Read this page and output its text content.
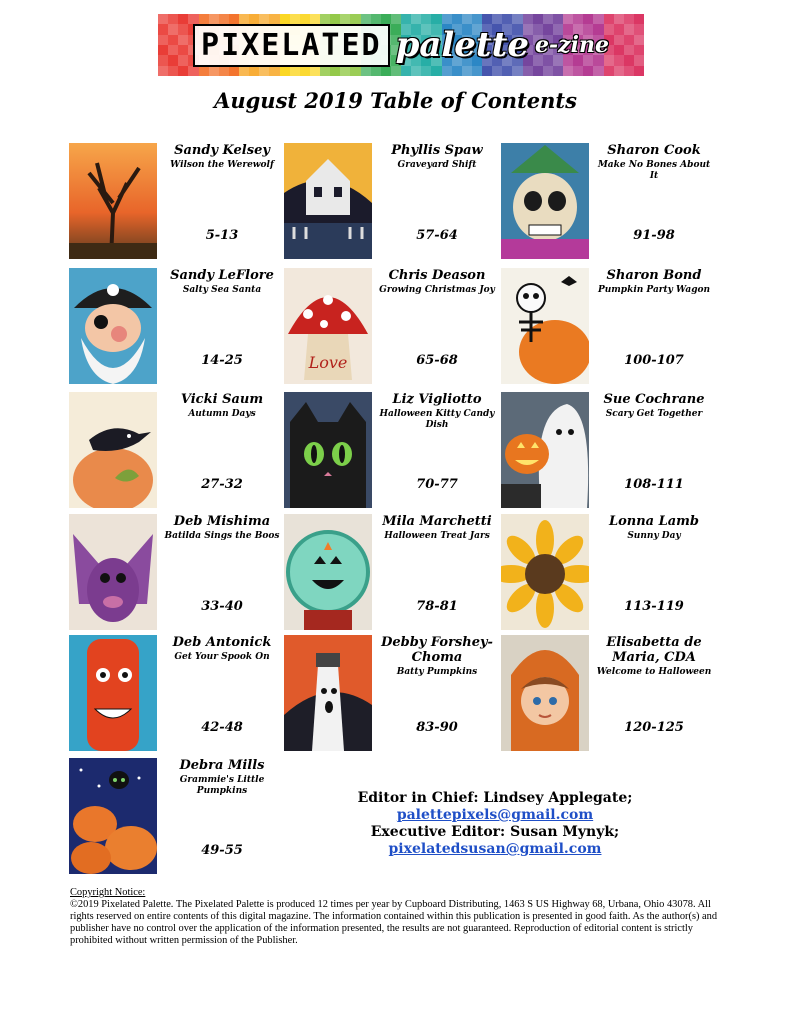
PIXELATED palette e-zine
August 2019 Table of Contents
Sandy Kelsey
Wilson the Werewolf
5-13
Sandy LeFlore
Salty Sea Santa
14-25
Vicki Saum
Autumn Days
27-32
Deb Mishima
Batilda Sings the Boos
33-40
Deb Antonick
Get Your Spook On
42-48
Debra Mills
Grammie's Little Pumpkins
49-55
Phyllis Spaw
Graveyard Shift
57-64
Love
Chris Deason
Growing Christmas Joy
65-68
Liz Vigliotto
Halloween Kitty Candy Dish
70-77
Mila Marchetti
Halloween Treat Jars
78-81
Debby Forshey-Choma
Batty Pumpkins
83-90
Sharon Cook
Make No Bones About It
91-98
Sharon Bond
Pumpkin Party Wagon
100-107
Sue Cochrane
Scary Get Together
108-111
Lonna Lamb
Sunny Day
113-119
Elisabetta de Maria, CDA
Welcome to Halloween
120-125
Editor in Chief: Lindsey Applegate;
palettepixels@gmail.com
Executive Editor: Susan Mynyk;
pixelatedsusan@gmail.com
Copyright Notice:
©2019 Pixelated Palette. The Pixelated Palette is produced 12 times per year by Cupboard Distributing, 1463 S US Highway 68, Urbana, Ohio 43078. All rights reserved on entire contents of this digital magazine. The information contained within this publication is presented in good faith. As the author(s) and publisher have no control over the application of the information presented, the results are not guaranteed. Reproduction of editorial content is strictly prohibited without written permission of the Publisher.
